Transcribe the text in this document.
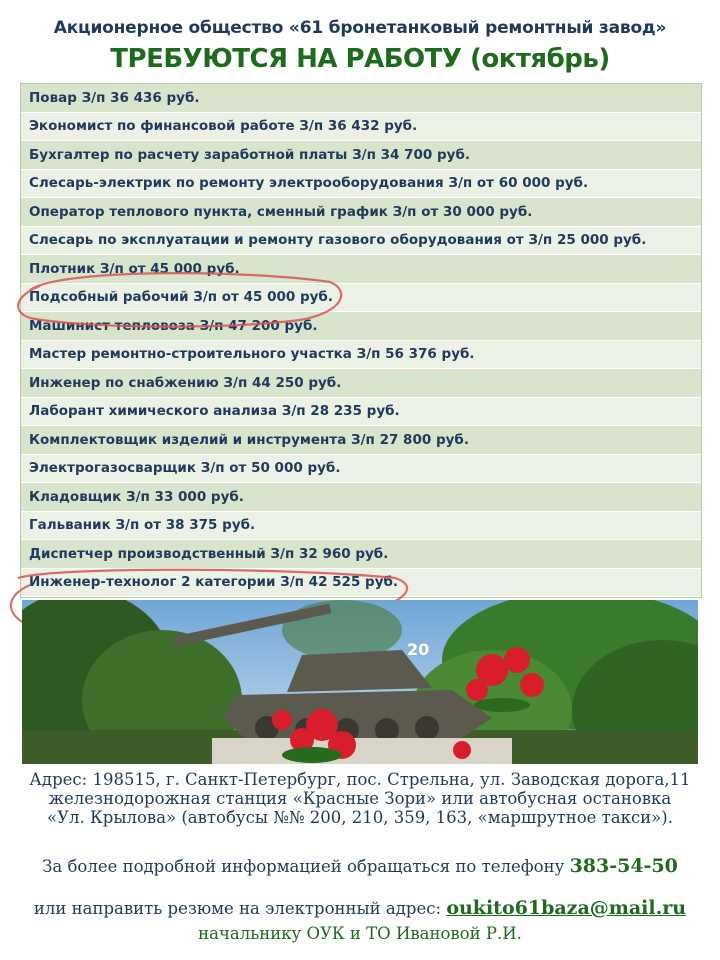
Акционерное общество «61 бронетанковый ремонтный завод»
ТРЕБУЮТСЯ НА РАБОТУ (октябрь)
Повар З/п 36 436 руб.
Экономист по финансовой работе З/п 36 432 руб.
Бухгалтер по расчету заработной платы З/п 34 700 руб.
Слесарь-электрик по ремонту электрооборудования З/п от 60 000 руб.
Оператор теплового пункта, сменный график З/п от 30 000 руб.
Слесарь по эксплуатации и ремонту газового оборудования от З/п 25 000 руб.
Плотник З/п от 45 000 руб.
Подсобный рабочий З/п от 45 000 руб.
Машинист тепловоза З/п 47 200 руб.
Мастер ремонтно-строительного участка З/п 56 376 руб.
Инженер по снабжению З/п 44 250 руб.
Лаборант химического анализа З/п 28 235 руб.
Комплектовщик изделий и инструмента З/п 27 800 руб.
Электрогазосварщик З/п от 50 000 руб.
Кладовщик З/п 33 000 руб.
Гальваник З/п от 38 375 руб.
Диспетчер производственный З/п 32 960 руб.
Инженер-технолог 2 категории З/п 42 525 руб.
20
Адрес: 198515, г. Санкт-Петербург, пос. Стрельна, ул. Заводская дорога,11
железнодорожная станция «Красные Зори» или автобусная остановка
«Ул. Крылова» (автобусы №№ 200, 210, 359, 163, «маршрутное такси»).
За более подробной информацией обращаться по телефону 383-54-50
или направить резюме на электронный адрес: oukito61baza@mail.ru
начальнику ОУК и ТО Ивановой Р.И.
